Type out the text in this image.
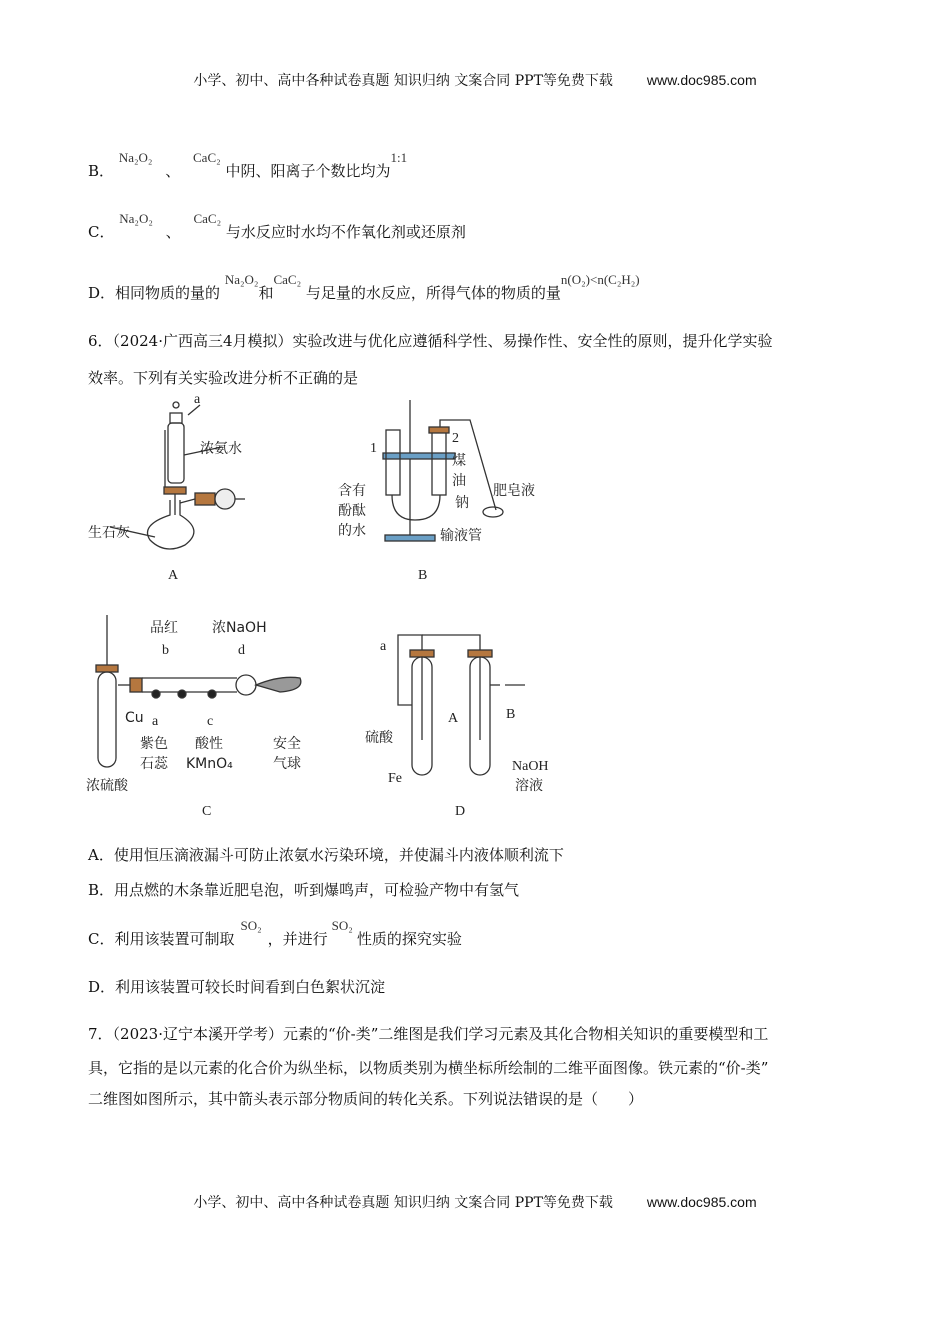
小学、初中、高中各种试卷真题 知识归纳 文案合同 PPT等免费下载 www.doc985.com
B． Na₂O₂ 、 CaC₂ 中阴、阳离子个数比均为1:1
C． Na₂O₂ 、 CaC₂ 与水反应时水均不作氧化剂或还原剂
D．相同物质的量的 Na₂O₂和CaC₂ 与足量的水反应，所得气体的物质的量n(O₂)<n(C₂H₂)
6．（2024·广西高三4月模拟）实验改进与优化应遵循科学性、易操作性、安全性的原则，提升化学实验
效率。下列有关实验改进分析不正确的是
a
浓氨水
生石灰
A
1
2
煤
油
钠
含有
酚酞
的水	输液管
肥皂液
B
品红
b
浓NaOH
d
Cu a
紫色
石蕊
c
酸性
KMnO₄
安全
气球
浓硫酸
C
a
A	B
硫酸
Fe
NaOH
溶液
D
A．使用恒压滴液漏斗可防止浓氨水污染环境，并使漏斗内液体顺利流下
B．用点燃的木条靠近肥皂泡，听到爆鸣声，可检验产物中有氢气
C．利用该装置可制取SO₂，并进行SO₂性质的探究实验
D．利用该装置可较长时间看到白色絮状沉淀
7．（2023·辽宁本溪开学考）元素的“价-类”二维图是我们学习元素及其化合物相关知识的重要模型和工
具，它指的是以元素的化合价为纵坐标，以物质类别为横坐标所绘制的二维平面图像。铁元素的“价-类”
二维图如图所示，其中箭头表示部分物质间的转化关系。下列说法错误的是（　　）
小学、初中、高中各种试卷真题 知识归纳 文案合同 PPT等免费下载 www.doc985.com
